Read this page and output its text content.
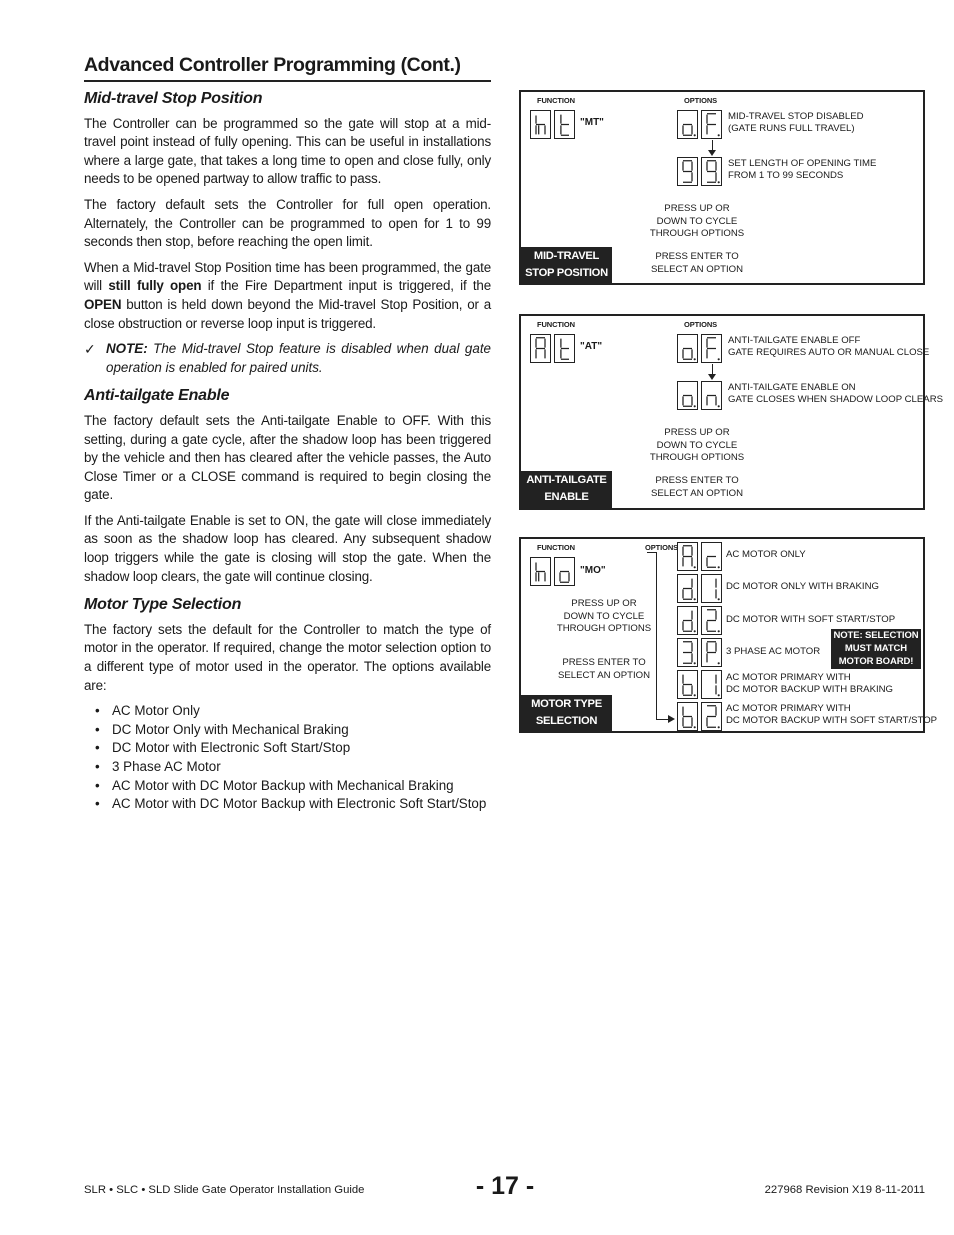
Advanced Controller Programming (Cont.)
Mid-travel Stop Position

The Controller can be programmed so the gate will stop at a mid-travel point instead of fully opening. This can be useful in installations where a large gate, that takes a long time to open and close fully, only needs to be opened partway to allow traffic to pass.

The factory default sets the Controller for full open operation. Alternately, the Controller can be programmed to open for 1 to 99 seconds then stop, before reaching the open limit.

When a Mid-travel Stop Position time has been programmed, the gate will still fully open if the Fire Department input is triggered, if the OPEN button is held down beyond the Mid-travel Stop Position, or a close obstruction or reverse loop input is triggered.

✓ NOTE: The Mid-travel Stop feature is disabled when dual gate operation is enabled for paired units.
Anti-tailgate Enable

The factory default sets the Anti-tailgate Enable to OFF. With this setting, during a gate cycle, after the shadow loop has been triggered by the vehicle and then has cleared after the vehicle passes, the Auto Close Timer or a CLOSE command is required to begin closing the gate.

If the Anti-tailgate Enable is set to ON, the gate will close immediately as soon as the shadow loop has cleared. Any subsequent shadow loop triggers while the gate is closing will stop the gate. When the shadow loop clears, the gate will continue closing.

Motor Type Selection

The factory sets the default for the Controller to match the type of motor in the operator. If required, change the motor selection option to a different type of motor used in the operator. The options available are:

• AC Motor Only
• DC Motor Only with Mechanical Braking
• DC Motor with Electronic Soft Start/Stop
• 3 Phase AC Motor
• AC Motor with DC Motor Backup with Mechanical Braking
• AC Motor with DC Motor Backup with Electronic Soft Start/Stop
FUNCTION	OPTIONS
"MT"
MID-TRAVEL STOP DISABLED
(GATE RUNS FULL TRAVEL)
SET LENGTH OF OPENING TIME
FROM 1 TO 99 SECONDS
PRESS UP OR
DOWN TO CYCLE
THROUGH OPTIONS
PRESS ENTER TO
SELECT AN OPTION
MID-TRAVEL
STOP POSITION
FUNCTION	OPTIONS
"AT"
ANTI-TAILGATE ENABLE OFF
GATE REQUIRES AUTO OR MANUAL CLOSE
ANTI-TAILGATE ENABLE ON
GATE CLOSES WHEN SHADOW LOOP CLEARS
PRESS UP OR
DOWN TO CYCLE
THROUGH OPTIONS
PRESS ENTER TO
SELECT AN OPTION
ANTI-TAILGATE
ENABLE
FUNCTION	OPTIONS
"MO"
PRESS UP OR
DOWN TO CYCLE
THROUGH OPTIONS
PRESS ENTER TO
SELECT AN OPTION
MOTOR TYPE
SELECTION
AC MOTOR ONLY
DC MOTOR ONLY WITH BRAKING
DC MOTOR WITH SOFT START/STOP
3 PHASE AC MOTOR
NOTE: SELECTION
MUST MATCH
MOTOR BOARD!
AC MOTOR PRIMARY WITH
DC MOTOR BACKUP WITH BRAKING
AC MOTOR PRIMARY WITH
DC MOTOR BACKUP WITH SOFT START/STOP
SLR • SLC • SLD Slide Gate Operator Installation Guide	- 17 -	227968 Revision X19 8-11-2011
